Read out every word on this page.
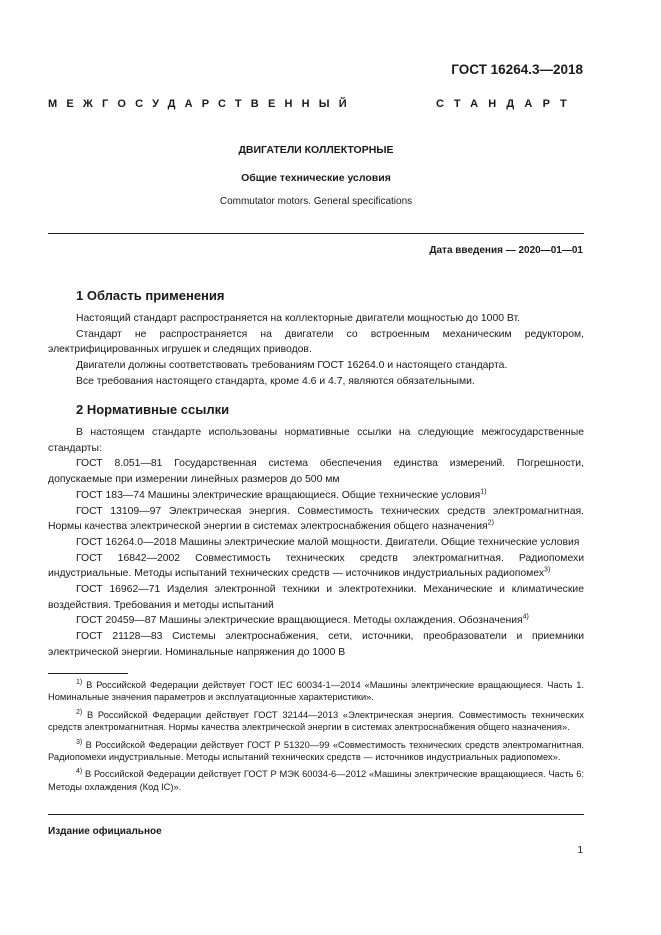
ГОСТ 16264.3—2018
МЕЖГОСУДАРСТВЕННЫЙ	СТАНДАРТ
ДВИГАТЕЛИ КОЛЛЕКТОРНЫЕ
Общие технические условия
Commutator motors. General specifications
Дата введения — 2020—01—01
1 Область применения

Настоящий стандарт распространяется на коллекторные двигатели мощностью до 1000 Вт.

Стандарт не распространяется на двигатели со встроенным механическим редуктором, электрифицированных игрушек и следящих приводов.

Двигатели должны соответствовать требованиям ГОСТ 16264.0 и настоящего стандарта.

Все требования настоящего стандарта, кроме 4.6 и 4.7, являются обязательными.

2 Нормативные ссылки

В настоящем стандарте использованы нормативные ссылки на следующие межгосударственные стандарты:

ГОСТ 8.051—81 Государственная система обеспечения единства измерений. Погрешности, допускаемые при измерении линейных размеров до 500 мм

ГОСТ 183—74 Машины электрические вращающиеся. Общие технические условия$^{1)}$

ГОСТ 13109—97 Электрическая энергия. Совместимость технических средств электромагнитная. Нормы качества электрической энергии в системах электроснабжения общего назначения$^{2)}$

ГОСТ 16264.0—2018 Машины электрические малой мощности. Двигатели. Общие технические условия

ГОСТ 16842—2002 Совместимость технических средств электромагнитная. Радиопомехи индустриальные. Методы испытаний технических средств — источников индустриальных радиопомех$^{3)}$

ГОСТ 16962—71 Изделия электронной техники и электротехники. Механические и климатические воздействия. Требования и методы испытаний

ГОСТ 20459—87 Машины электрические вращающиеся. Методы охлаждения. Обозначения$^{4)}$

ГОСТ 21128—83 Системы электроснабжения, сети, источники, преобразователи и приемники электрической энергии. Номинальные напряжения до 1000 В

$^{1)}$ В Российской Федерации действует ГОСТ IEC 60034-1—2014 «Машины электрические вращающиеся. Часть 1. Номинальные значения параметров и эксплуатационные характеристики».

$^{2)}$ В Российской Федерации действует ГОСТ 32144—2013 «Электрическая энергия. Совместимость технических средств электромагнитная. Нормы качества электрической энергии в системах электроснабжения общего назначения».

$^{3)}$ В Российской Федерации действует ГОСТ Р 51320—99 «Совместимость технических средств электромагнитная. Радиопомехи индустриальные. Методы испытаний технических средств — источников индустриальных радиопомех».

$^{4)}$ В Российской Федерации действует ГОСТ Р МЭК 60034-6—2012 «Машины электрические вращающиеся. Часть 6: Методы охлаждения (Код IC)».

Издание официальное
1
